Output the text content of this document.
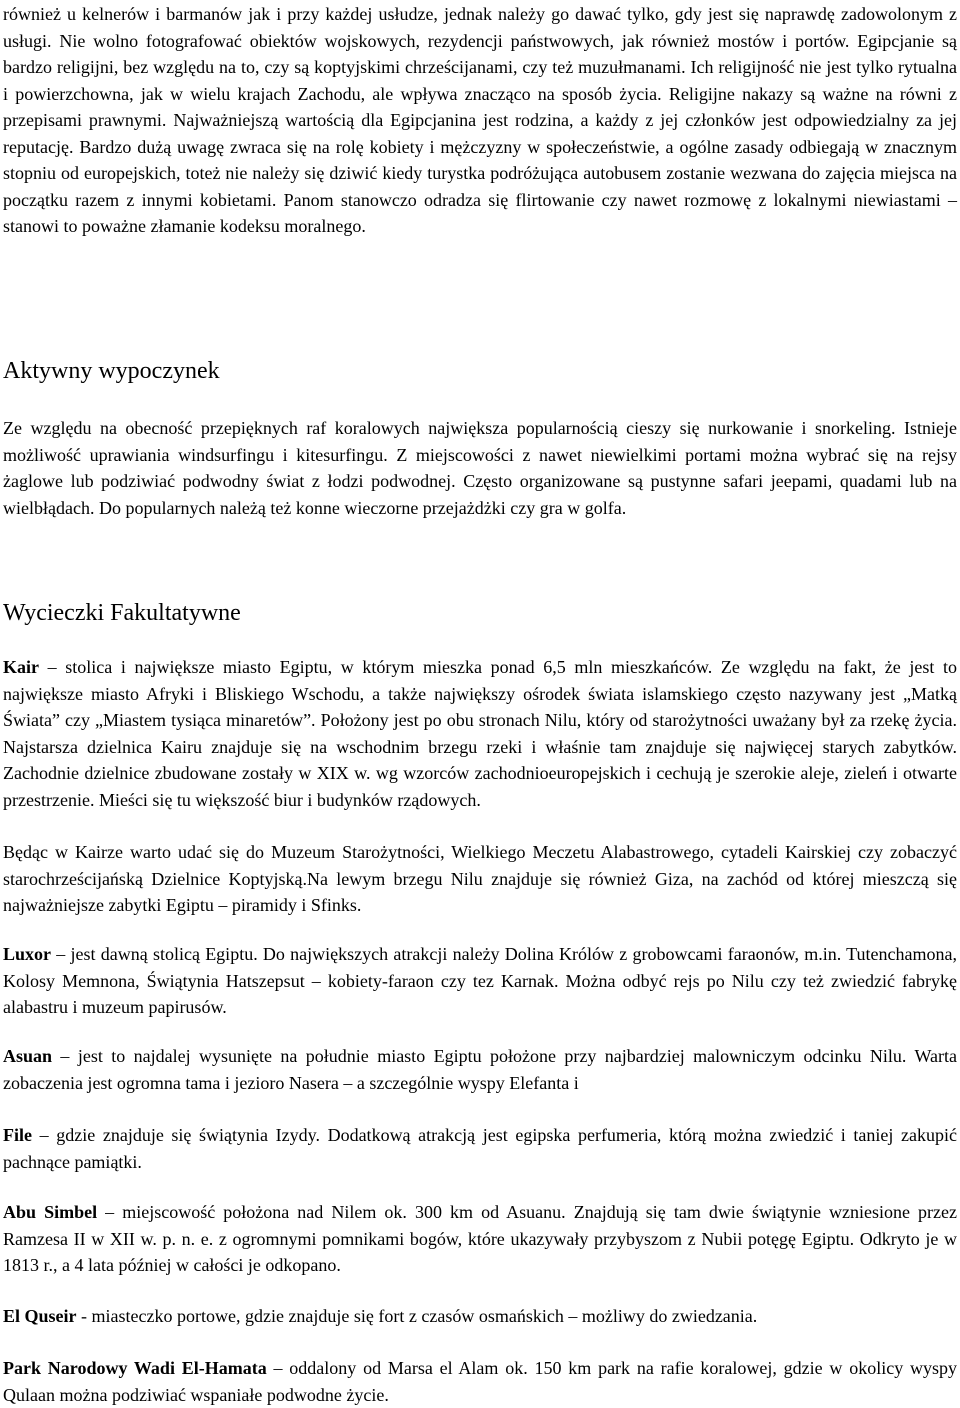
również u kelnerów i barmanów jak i przy każdej usłudze, jednak należy go dawać tylko, gdy jest się naprawdę zadowolonym z usługi. Nie wolno fotografować obiektów wojskowych, rezydencji państwowych, jak również mostów i portów. Egipcjanie są bardzo religijni, bez względu na to, czy są koptyjskimi chrześcijanami, czy też muzułmanami. Ich religijność nie jest tylko rytualna i powierzchowna, jak w wielu krajach Zachodu, ale wpływa znacząco na sposób życia. Religijne nakazy są ważne na równi z przepisami prawnymi. Najważniejszą wartością dla Egipcjanina jest rodzina, a każdy z jej członków jest odpowiedzialny za jej reputację. Bardzo dużą uwagę zwraca się na rolę kobiety i mężczyzny w społeczeństwie, a ogólne zasady odbiegają w znacznym stopniu od europejskich, toteż nie należy się dziwić kiedy turystka podróżująca autobusem zostanie wezwana do zajęcia miejsca na początku razem z innymi kobietami. Panom stanowczo odradza się flirtowanie czy nawet rozmowę z lokalnymi niewiastami – stanowi to poważne złamanie kodeksu moralnego.

Aktywny wypoczynek

Ze względu na obecność przepięknych raf koralowych największa popularnością cieszy się nurkowanie i snorkeling. Istnieje możliwość uprawiania windsurfingu i kitesurfingu. Z miejscowości z nawet niewielkimi portami można wybrać się na rejsy żaglowe lub podziwiać podwodny świat z łodzi podwodnej. Często organizowane są pustynne safari jeepami, quadami lub na wielbłądach. Do popularnych należą też konne wieczorne przejażdżki czy gra w golfa.

Wycieczki Fakultatywne

Kair – stolica i największe miasto Egiptu, w którym mieszka ponad 6,5 mln mieszkańców. Ze względu na fakt, że jest to największe miasto Afryki i Bliskiego Wschodu, a także największy ośrodek świata islamskiego często nazywany jest „Matką Świata” czy „Miastem tysiąca minaretów”. Położony jest po obu stronach Nilu, który od starożytności uważany był za rzekę życia. Najstarsza dzielnica Kairu znajduje się na wschodnim brzegu rzeki i właśnie tam znajduje się najwięcej starych zabytków. Zachodnie dzielnice zbudowane zostały w XIX w. wg wzorców zachodnioeuropejskich i cechują je szerokie aleje, zieleń i otwarte przestrzenie. Mieści się tu większość biur i budynków rządowych.

Będąc w Kairze warto udać się do Muzeum Starożytności, Wielkiego Meczetu Alabastrowego, cytadeli Kairskiej czy zobaczyć starochrześcijańską Dzielnice Koptyjską.Na lewym brzegu Nilu znajduje się również Giza, na zachód od której mieszczą się najważniejsze zabytki Egiptu – piramidy i Sfinks.

Luxor – jest dawną stolicą Egiptu. Do największych atrakcji należy Dolina Królów z grobowcami faraonów, m.in. Tutenchamona, Kolosy Memnona, Świątynia Hatszepsut – kobiety-faraon czy tez Karnak. Można odbyć rejs po Nilu czy też zwiedzić fabrykę alabastru i muzeum papirusów.

Asuan – jest to najdalej wysunięte na południe miasto Egiptu położone przy najbardziej malowniczym odcinku Nilu. Warta zobaczenia jest ogromna tama i jezioro Nasera – a szczególnie wyspy Elefanta i

File – gdzie znajduje się świątynia Izydy. Dodatkową atrakcją jest egipska perfumeria, którą można zwiedzić i taniej zakupić pachnące pamiątki.

Abu Simbel – miejscowość położona nad Nilem ok. 300 km od Asuanu. Znajdują się tam dwie świątynie wzniesione przez Ramzesa II w XII w. p. n. e. z ogromnymi pomnikami bogów, które ukazywały przybyszom z Nubii potęgę Egiptu. Odkryto je w 1813 r., a 4 lata później w całości je odkopano.

El Quseir - miasteczko portowe, gdzie znajduje się fort z czasów osmańskich – możliwy do zwiedzania.

Park Narodowy Wadi El-Hamata – oddalony od Marsa el Alam ok. 150 km park na rafie koralowej, gdzie w okolicy wyspy Qulaan można podziwiać wspaniałe podwodne życie.
